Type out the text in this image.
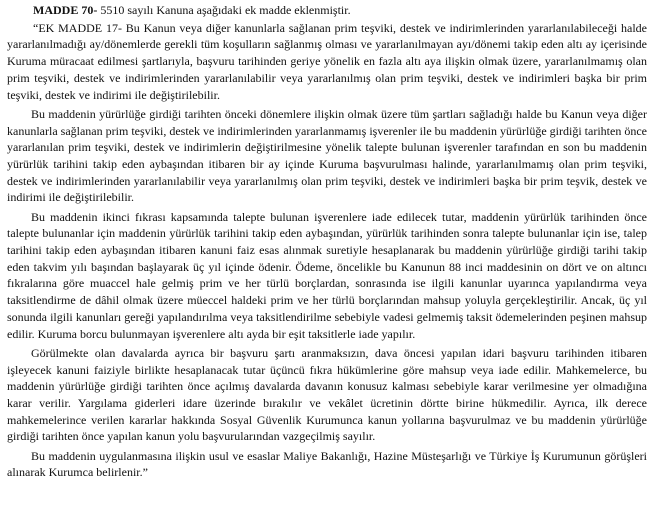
MADDE 70- 5510 sayılı Kanuna aşağıdaki ek madde eklenmiştir.

“EK MADDE 17- Bu Kanun veya diğer kanunlarla sağlanan prim teşviki, destek ve indirimlerinden yararlanılabileceği halde yararlanılmadığı ay/dönemlerde gerekli tüm koşulların sağlanmış olması ve yararlanılmayan ayı/dönemi takip eden altı ay içerisinde Kuruma müracaat edilmesi şartlarıyla, başvuru tarihinden geriye yönelik en fazla altı aya ilişkin olmak üzere, yararlanılmamış olan prim teşviki, destek ve indirimlerinden yararlanılabilir veya yararlanılmış olan prim teşviki, destek ve indirimleri başka bir prim teşviki, destek ve indirimi ile değiştirilebilir.

Bu maddenin yürürlüğe girdiği tarihten önceki dönemlere ilişkin olmak üzere tüm şartları sağladığı halde bu Kanun veya diğer kanunlarla sağlanan prim teşviki, destek ve indirimlerinden yararlanmamış işverenler ile bu maddenin yürürlüğe girdiği tarihten önce yararlanılan prim teşviki, destek ve indirimlerin değiştirilmesine yönelik talepte bulunan işverenler tarafından en son bu maddenin yürürlük tarihini takip eden aybaşından itibaren bir ay içinde Kuruma başvurulması halinde, yararlanılmamış olan prim teşviki, destek ve indirimlerinden yararlanılabilir veya yararlanılmış olan prim teşviki, destek ve indirimleri başka bir prim teşvik, destek ve indirimi ile değiştirilebilir.

Bu maddenin ikinci fıkrası kapsamında talepte bulunan işverenlere iade edilecek tutar, maddenin yürürlük tarihinden önce talepte bulunanlar için maddenin yürürlük tarihini takip eden aybaşından, yürürlük tarihinden sonra talepte bulunanlar için ise, talep tarihini takip eden aybaşından itibaren kanuni faiz esas alınmak suretiyle hesaplanarak bu maddenin yürürlüğe girdiği tarihi takip eden takvim yılı başından başlayarak üç yıl içinde ödenir. Ödeme, öncelikle bu Kanunun 88 inci maddesinin on dört ve on altıncı fıkralarına göre muaccel hale gelmiş prim ve her türlü borçlardan, sonrasında ise ilgili kanunlar uyarınca yapılandırma veya taksitlendirme de dâhil olmak üzere müeccel haldeki prim ve her türlü borçlarından mahsup yoluyla gerçekleştirilir. Ancak, üç yıl sonunda ilgili kanunları gereği yapılandırılma veya taksitlendirilme sebebiyle vadesi gelmemiş taksit ödemelerinden peşinen mahsup edilir. Kuruma borcu bulunmayan işverenlere altı ayda bir eşit taksitlerle iade yapılır.

Görülmekte olan davalarda ayrıca bir başvuru şartı aranmaksızın, dava öncesi yapılan idari başvuru tarihinden itibaren işleyecek kanuni faiziyle birlikte hesaplanacak tutar üçüncü fıkra hükümlerine göre mahsup veya iade edilir. Mahkemelerce, bu maddenin yürürlüğe girdiği tarihten önce açılmış davalarda davanın konusuz kalması sebebiyle karar verilmesine yer olmadığına karar verilir. Yargılama giderleri idare üzerinde bırakılır ve vekâlet ücretinin dörtte birine hükmedilir. Ayrıca, ilk derece mahkemelerince verilen kararlar hakkında Sosyal Güvenlik Kurumunca kanun yollarına başvurulmaz ve bu maddenin yürürlüğe girdiği tarihten önce yapılan kanun yolu başvurularından vazgeçilmiş sayılır.

Bu maddenin uygulanmasına ilişkin usul ve esaslar Maliye Bakanlığı, Hazine Müsteşarlığı ve Türkiye İş Kurumunun görüşleri alınarak Kurumca belirlenir.”
